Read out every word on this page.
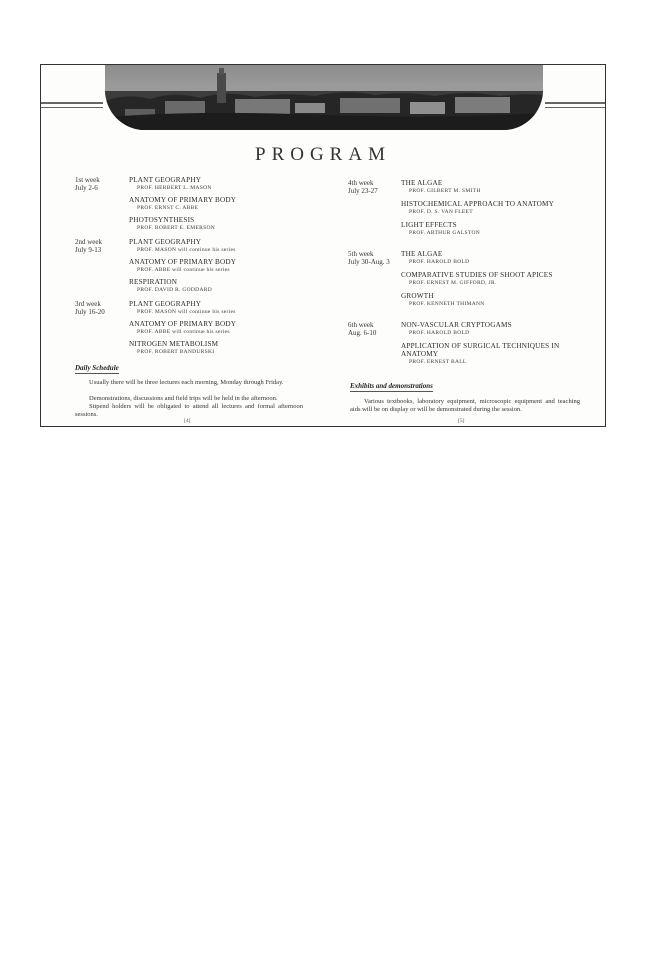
PROGRAM
1st week
July 2-6
PLANT GEOGRAPHY
PROF. HERBERT L. MASON
ANATOMY OF PRIMARY BODY
PROF. ERNST C. ABBE
PHOTOSYNTHESIS
PROF. ROBERT E. EMERSON
2nd week
July 9-13
PLANT GEOGRAPHY
PROF. MASON will continue his series
ANATOMY OF PRIMARY BODY
PROF. ABBE will continue his series
RESPIRATION
PROF. DAVID R. GODDARD
3rd week
July 16-20
PLANT GEOGRAPHY
PROF. MASON will continue his series
ANATOMY OF PRIMARY BODY
PROF. ABBE will continue his series
NITROGEN METABOLISM
PROF. ROBERT BANDURSKI
Daily Schedule
Usually there will be three lectures each morning, Monday through Friday.
Demonstrations, discussions and field trips will be held in the afternoon.
Stipend holders will be obligated to attend all lectures and formal afternoon sessions.
[4]
4th week
July 23-27
THE ALGAE
PROF. GILBERT M. SMITH
HISTOCHEMICAL APPROACH TO ANATOMY
PROF. D. S. VAN FLEET
LIGHT EFFECTS
PROF. ARTHUR GALSTON
5th week
July 30-Aug. 3
THE ALGAE
PROF. HAROLD BOLD
COMPARATIVE STUDIES OF SHOOT APICES
PROF. ERNEST M. GIFFORD, JR.
GROWTH
PROF. KENNETH THIMANN
6th week
Aug. 6-10
NON-VASCULAR CRYPTOGAMS
PROF. HAROLD BOLD
APPLICATION OF SURGICAL TECHNIQUES IN ANATOMY
PROF. ERNEST BALL
Exhibits and demonstrations
Various textbooks, laboratory equipment, microscopic equipment and teaching aids will be on display or will be demonstrated during the session.
[5]
